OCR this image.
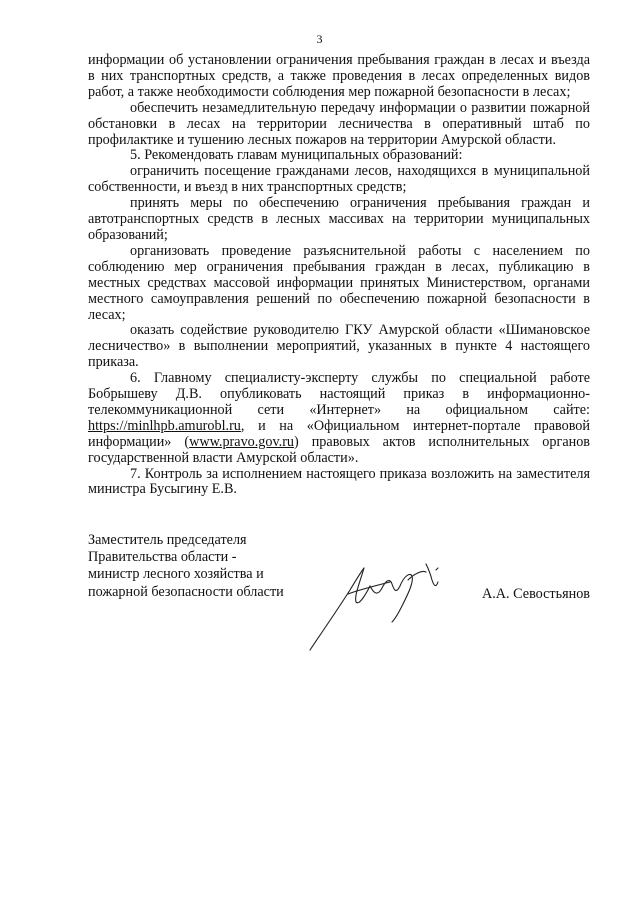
3

информации об установлении ограничения пребывания граждан в лесах и въезда в них транспортных средств, а также проведения в лесах определенных видов работ, а также необходимости соблюдения мер пожарной безопасности в лесах;

обеспечить незамедлительную передачу информации о развитии пожарной обстановки в лесах на территории лесничества в оперативный штаб по профилактике и тушению лесных пожаров на территории Амурской области.

5. Рекомендовать главам муниципальных образований:

ограничить посещение гражданами лесов, находящихся в муниципальной собственности, и въезд в них транспортных средств;

принять меры по обеспечению ограничения пребывания граждан и автотранспортных средств в лесных массивах на территории муниципальных образований;

организовать проведение разъяснительной работы с населением по соблюдению мер ограничения пребывания граждан в лесах, публикацию в местных средствах массовой информации принятых Министерством, органами местного самоуправления решений по обеспечению пожарной безопасности в лесах;

оказать содействие руководителю ГКУ Амурской области «Шимановское лесничество» в выполнении мероприятий, указанных в пункте 4 настоящего приказа.

6. Главному специалисту-эксперту службы по специальной работе Бобрышеву Д.В. опубликовать настоящий приказ в информационно-телекоммуникационной сети «Интернет» на официальном сайте: https://minlhpb.amurobl.ru, и на «Официальном интернет-портале правовой информации» (www.pravo.gov.ru) правовых актов исполнительных органов государственной власти Амурской области».

7. Контроль за исполнением настоящего приказа возложить на заместителя министра Бусыгину Е.В.

Заместитель председателя
Правительства области -
министр лесного хозяйства и
пожарной безопасности области	А.А. Севостьянов
